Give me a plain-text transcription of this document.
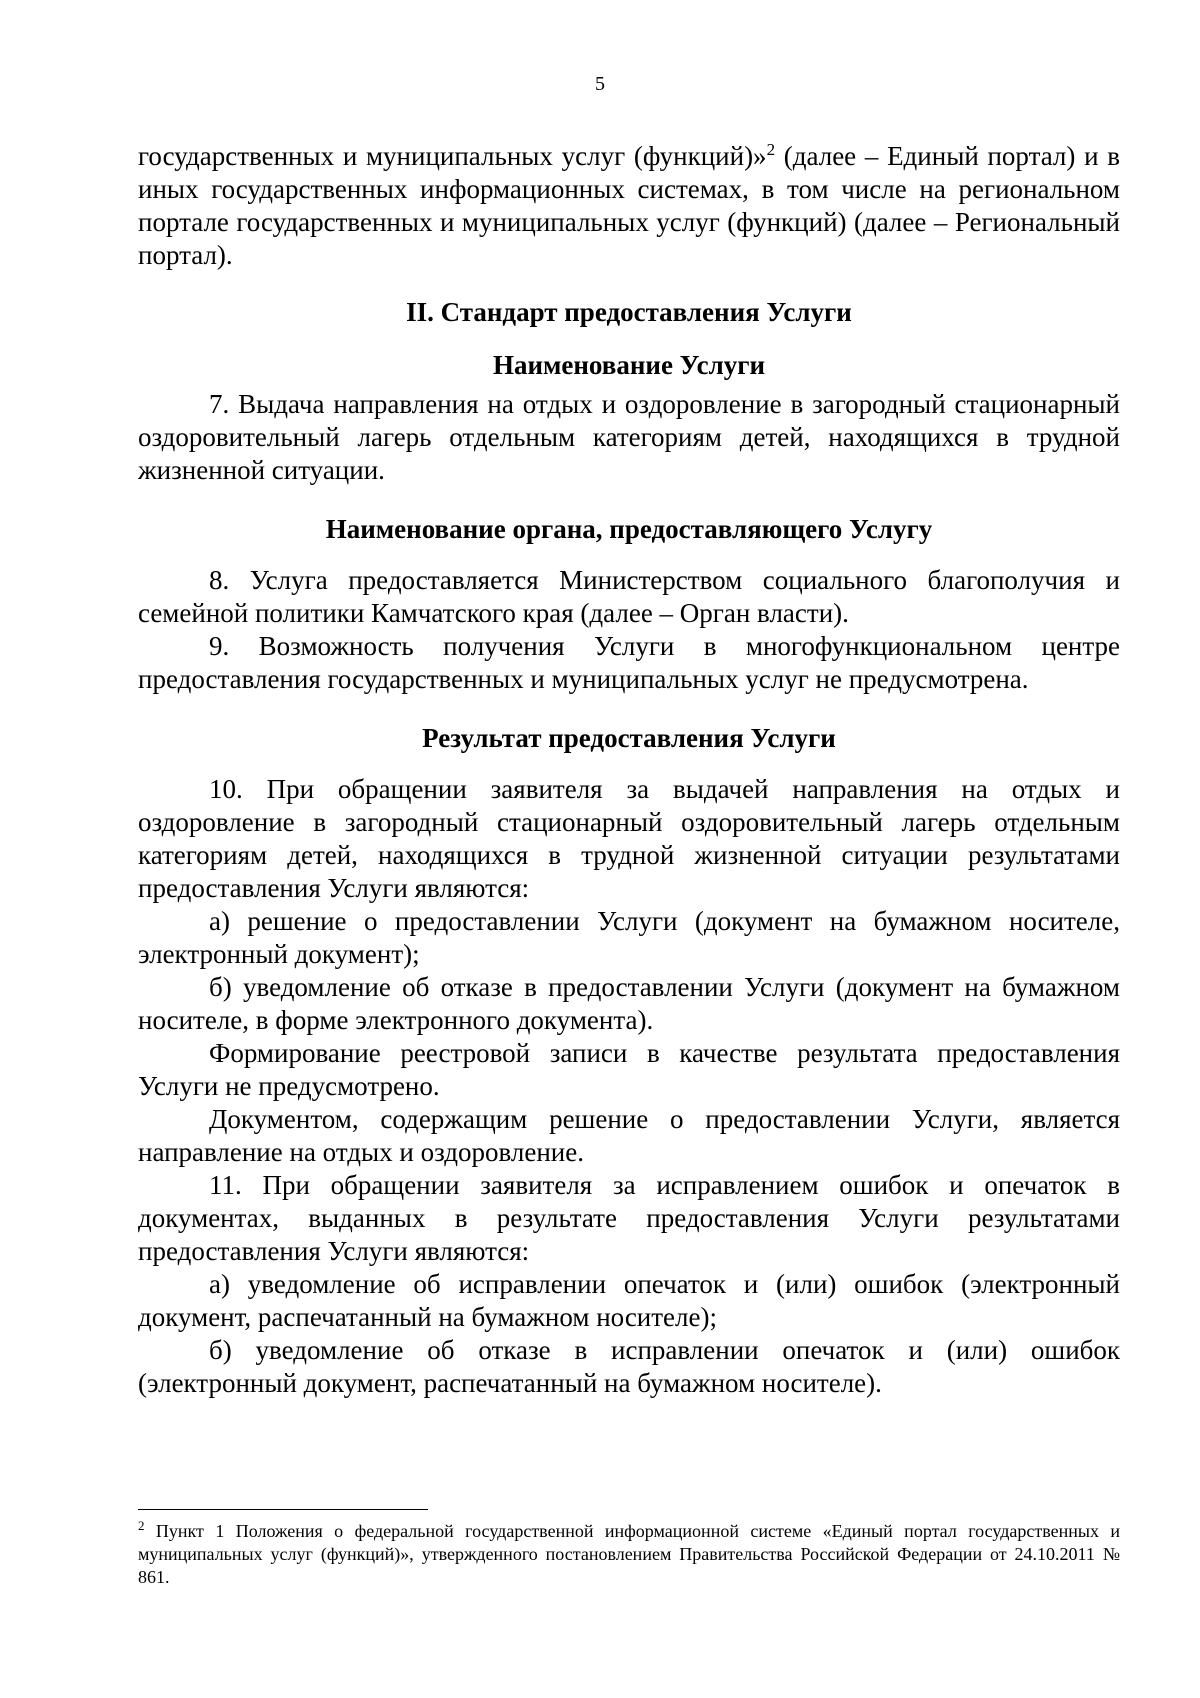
5

государственных и муниципальных услуг (функций)»$^2$ (далее – Единый портал) и в иных государственных информационных системах, в том числе на региональном портале государственных и муниципальных услуг (функций) (далее – Региональный портал).

II. Стандарт предоставления Услуги
Наименование Услуги

7. Выдача направления на отдых и оздоровление в загородный стационарный оздоровительный лагерь отдельным категориям детей, находящихся в трудной жизненной ситуации.

Наименование органа, предоставляющего Услугу

8. Услуга предоставляется Министерством социального благополучия и семейной политики Камчатского края (далее – Орган власти).

9. Возможность получения Услуги в многофункциональном центре предоставления государственных и муниципальных услуг не предусмотрена.

Результат предоставления Услуги

10. При обращении заявителя за выдачей направления на отдых и оздоровление в загородный стационарный оздоровительный лагерь отдельным категориям детей, находящихся в трудной жизненной ситуации результатами предоставления Услуги являются:

а) решение о предоставлении Услуги (документ на бумажном носителе, электронный документ);

б) уведомление об отказе в предоставлении Услуги (документ на бумажном носителе, в форме электронного документа).

Формирование реестровой записи в качестве результата предоставления Услуги не предусмотрено.

Документом, содержащим решение о предоставлении Услуги, является направление на отдых и оздоровление.

11. При обращении заявителя за исправлением ошибок и опечаток в документах, выданных в результате предоставления Услуги результатами предоставления Услуги являются:

а) уведомление об исправлении опечаток и (или) ошибок (электронный документ, распечатанный на бумажном носителе);

б) уведомление об отказе в исправлении опечаток и (или) ошибок (электронный документ, распечатанный на бумажном носителе).

$^2$ Пункт 1 Положения о федеральной государственной информационной системе «Единый портал государственных и муниципальных услуг (функций)», утвержденного постановлением Правительства Российской Федерации от 24.10.2011 № 861.
